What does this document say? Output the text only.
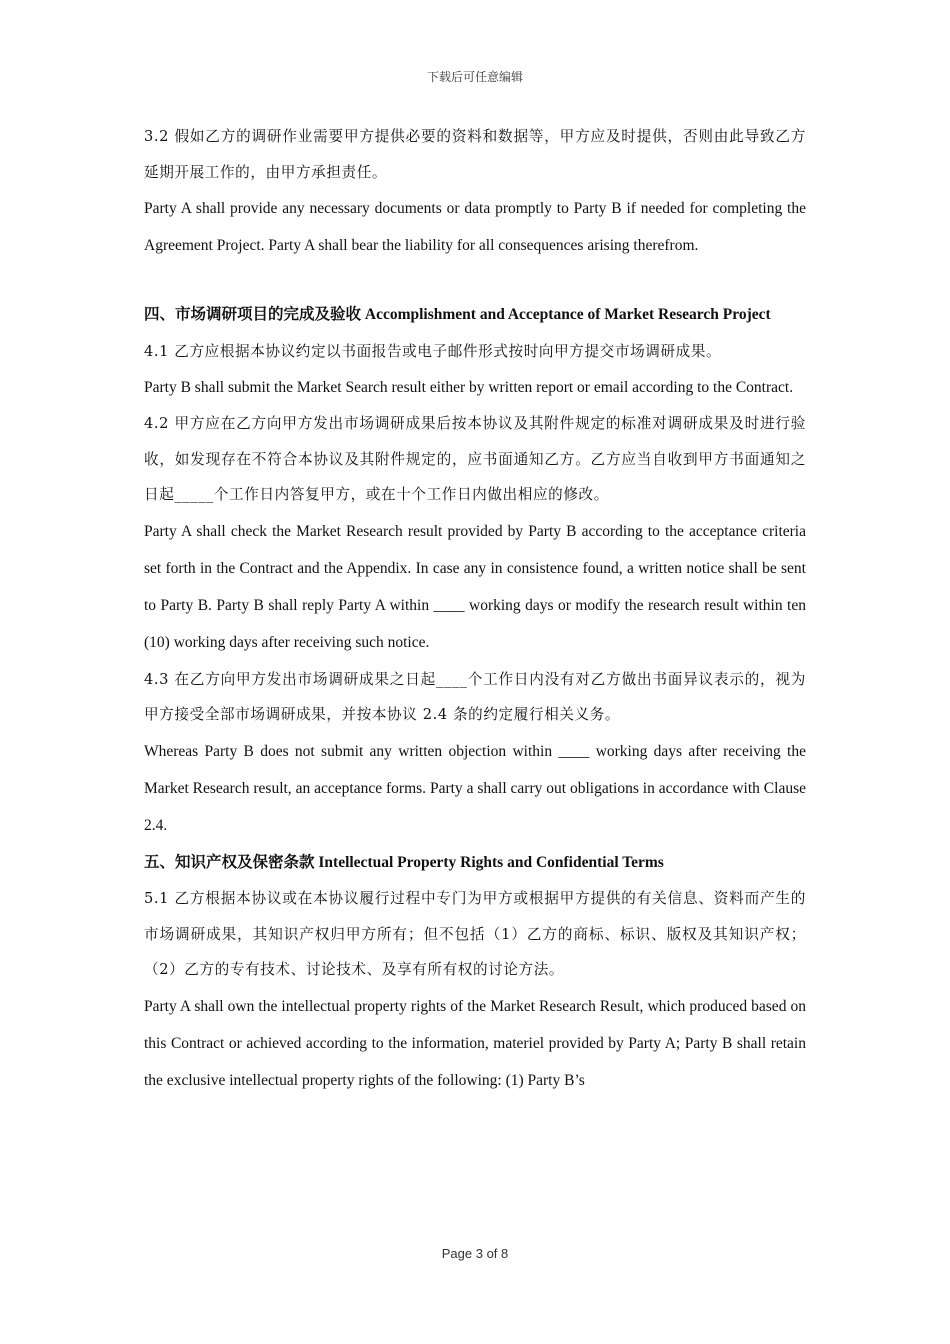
下载后可任意编辑

3.2 假如乙方的调研作业需要甲方提供必要的资料和数据等，甲方应及时提供，否则由此导致乙方延期开展工作的，由甲方承担责任。

Party A shall provide any necessary documents or data promptly to Party B if needed for completing the Agreement Project. Party A shall bear the liability for all consequences arising therefrom.

四、市场调研项目的完成及验收 Accomplishment and Acceptance of Market Research Project

4.1 乙方应根据本协议约定以书面报告或电子邮件形式按时向甲方提交市场调研成果。

Party B shall submit the Market Search result either by written report or email according to the Contract.

4.2 甲方应在乙方向甲方发出市场调研成果后按本协议及其附件规定的标准对调研成果及时进行验收，如发现存在不符合本协议及其附件规定的，应书面通知乙方。乙方应当自收到甲方书面通知之日起_____个工作日内答复甲方，或在十个工作日内做出相应的修改。

Party A shall check the Market Research result provided by Party B according to the acceptance criteria set forth in the Contract and the Appendix. In case any in consistence found, a written notice shall be sent to Party B. Party B shall reply Party A within ____ working days or modify the research result within ten (10) working days after receiving such notice.

4.3 在乙方向甲方发出市场调研成果之日起____个工作日内没有对乙方做出书面异议表示的，视为甲方接受全部市场调研成果，并按本协议 2.4 条的约定履行相关义务。

Whereas Party B does not submit any written objection within ____ working days after receiving the Market Research result, an acceptance forms. Party a shall carry out obligations in accordance with Clause 2.4.

五、知识产权及保密条款 Intellectual Property Rights and Confidential Terms

5.1 乙方根据本协议或在本协议履行过程中专门为甲方或根据甲方提供的有关信息、资料而产生的市场调研成果，其知识产权归甲方所有；但不包括（1）乙方的商标、标识、版权及其知识产权；（2）乙方的专有技术、讨论技术、及享有所有权的讨论方法。

Party A shall own the intellectual property rights of the Market Research Result, which produced based on this Contract or achieved according to the information, materiel provided by Party A; Party B shall retain the exclusive intellectual property rights of the following: (1) Party B’s

Page 3 of 8
